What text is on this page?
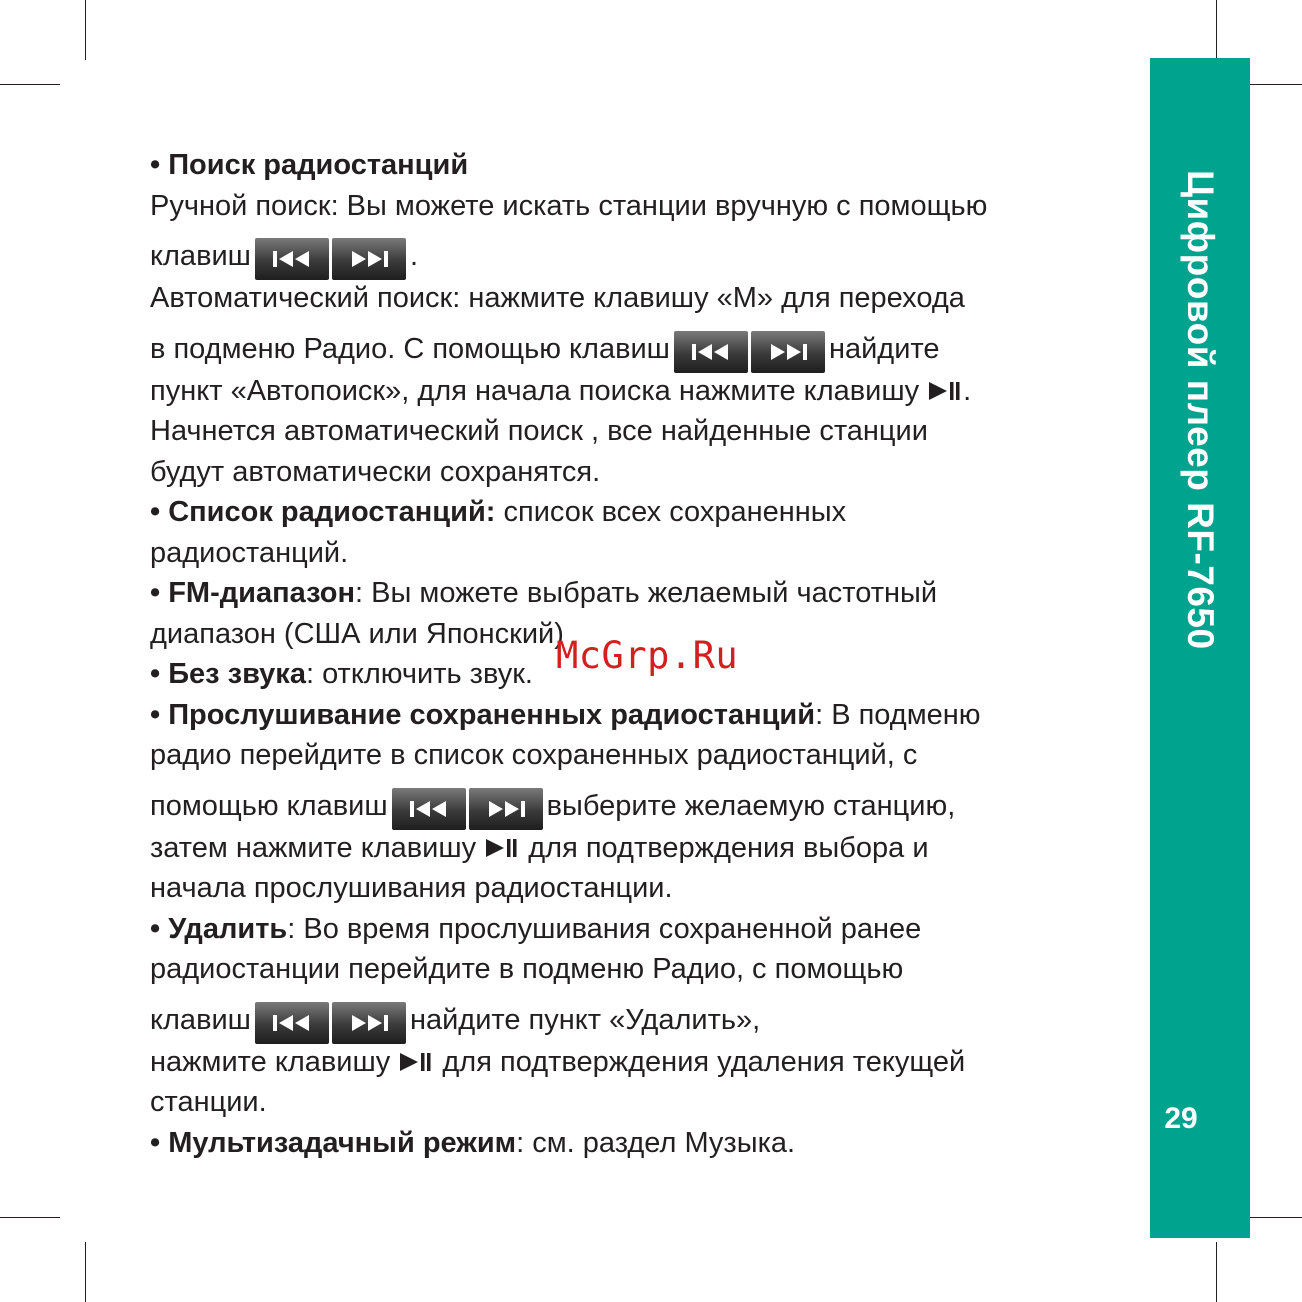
Цифровой плеер RF-7650
29
• Поиск радиостанций
Ручной поиск: Вы можете искать станции вручную с помощью
клавиш	.
Автоматический поиск: нажмите клавишу «М» для перехода
в подменю Радио. С помощью клавиш	найдите
пункт «Автопоиск», для начала поиска нажмите клавишу .
Начнется автоматический поиск , все найденные станции
будут автоматически сохранятся.
• Список радиостанций: список всех сохраненных
радиостанций.
• FM-диапазон: Вы можете выбрать желаемый частотный
диапазон (США или Японский)
• Без звука: отключить звук.
• Прослушивание сохраненных радиостанций: В подменю
радио перейдите в список сохраненных радиостанций, с
помощью клавиш	выберите желаемую станцию,
затем нажмите клавишу для подтверждения выбора и
начала прослушивания радиостанции.
• Удалить: Во время прослушивания сохраненной ранее
радиостанции перейдите в подменю Радио, с помощью
клавиш	найдите пункт «Удалить»,
нажмите клавишу для подтверждения удаления текущей
станции.
• Мультизадачный режим: см. раздел Музыка.
McGrp.Ru
